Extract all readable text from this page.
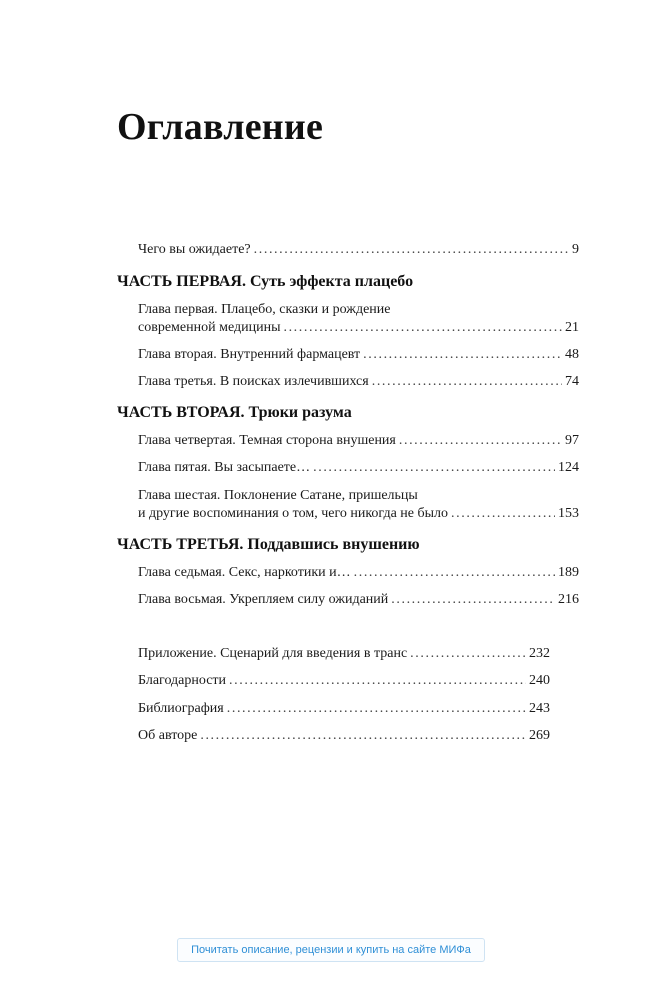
Оглавление
Чего вы ожидаете? .....	9
ЧАСТЬ ПЕРВАЯ. Суть эффекта плацебо
Глава первая. Плацебо, сказки и рождение
современной медицины .....	21
Глава вторая. Внутренний фармацевт .....	48
Глава третья. В поисках излечившихся .....	74
ЧАСТЬ ВТОРАЯ. Трюки разума
Глава четвертая. Темная сторона внушения .....	97
Глава пятая. Вы засыпаете… .....	124
Глава шестая. Поклонение Сатане, пришельцы
и другие воспоминания о том, чего никогда не было .....	153
ЧАСТЬ ТРЕТЬЯ. Поддавшись внушению
Глава седьмая. Секс, наркотики и… .....	189
Глава восьмая. Укрепляем силу ожиданий .....	216
Приложение. Сценарий для введения в транс .....	232
Благодарности .....	240
Библиография .....	243
Об авторе .....	269
Почитать описание, рецензии и купить на сайте МИФа
